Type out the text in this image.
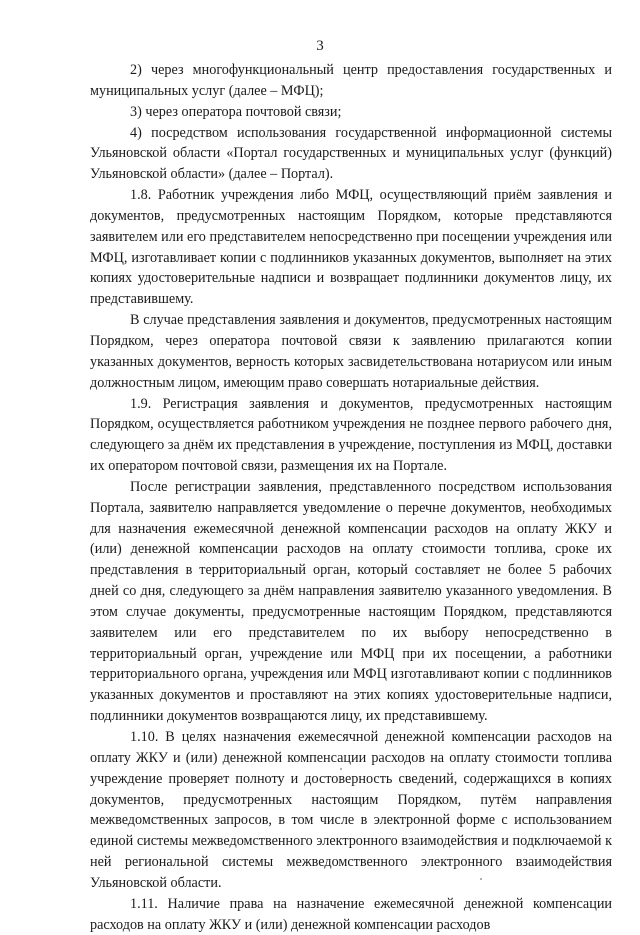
3

2) через многофункциональный центр предоставления государственных и муниципальных услуг (далее – МФЦ);

3) через оператора почтовой связи;

4) посредством использования государственной информационной системы Ульяновской области «Портал государственных и муниципальных услуг (функций) Ульяновской области» (далее – Портал).

1.8. Работник учреждения либо МФЦ, осуществляющий приём заявления и документов, предусмотренных настоящим Порядком, которые представляются заявителем или его представителем непосредственно при посещении учреждения или МФЦ, изготавливает копии с подлинников указанных документов, выполняет на этих копиях удостоверительные надписи и возвращает подлинники документов лицу, их представившему.

В случае представления заявления и документов, предусмотренных настоящим Порядком, через оператора почтовой связи к заявлению прилагаются копии указанных документов, верность которых засвидетельствована нотариусом или иным должностным лицом, имеющим право совершать нотариальные действия.

1.9. Регистрация заявления и документов, предусмотренных настоящим Порядком, осуществляется работником учреждения не позднее первого рабочего дня, следующего за днём их представления в учреждение, поступления из МФЦ, доставки их оператором почтовой связи, размещения их на Портале.

После регистрации заявления, представленного посредством использования Портала, заявителю направляется уведомление о перечне документов, необходимых для назначения ежемесячной денежной компенсации расходов на оплату ЖКУ и (или) денежной компенсации расходов на оплату стоимости топлива, сроке их представления в территориальный орган, который составляет не более 5 рабочих дней со дня, следующего за днём направления заявителю указанного уведомления. В этом случае документы, предусмотренные настоящим Порядком, представляются заявителем или его представителем по их выбору непосредственно в территориальный орган, учреждение или МФЦ при их посещении, а работники территориального органа, учреждения или МФЦ изготавливают копии с подлинников указанных документов и проставляют на этих копиях удостоверительные надписи, подлинники документов возвращаются лицу, их представившему.

1.10. В целях назначения ежемесячной денежной компенсации расходов на оплату ЖКУ и (или) денежной компенсации расходов на оплату стоимости топлива учреждение проверяет полноту и достоверность сведений, содержащихся в копиях документов, предусмотренных настоящим Порядком, путём направления межведомственных запросов, в том числе в электронной форме с использованием единой системы межведомственного электронного взаимодействия и подключаемой к ней региональной системы межведомственного электронного взаимодействия Ульяновской области.

1.11. Наличие права на назначение ежемесячной денежной компенсации расходов на оплату ЖКУ и (или) денежной компенсации расходов
